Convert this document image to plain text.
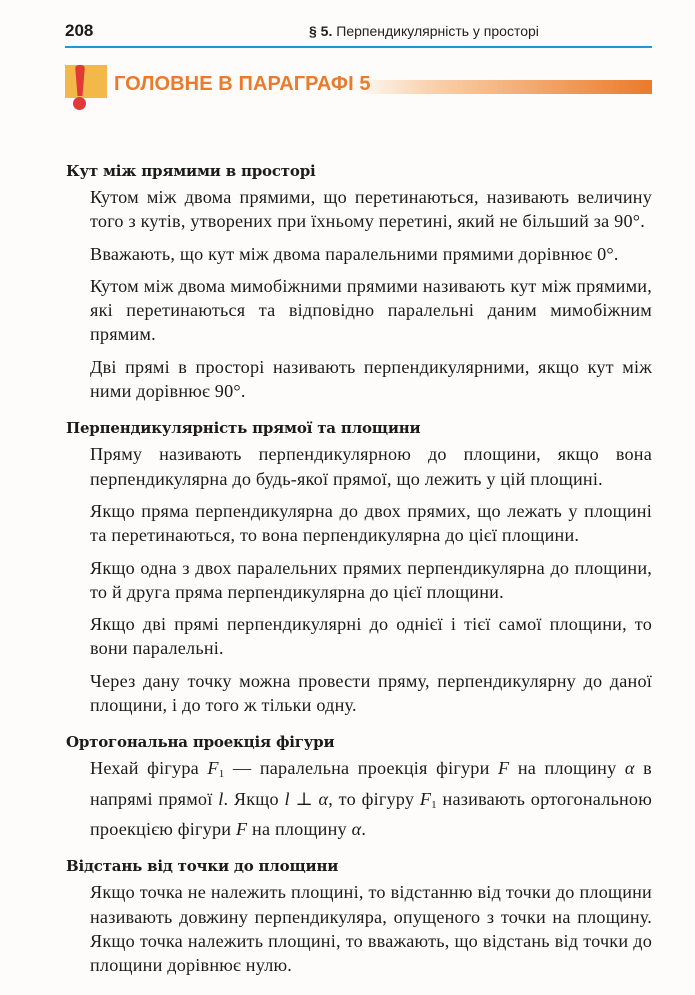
208	§ 5. Перпендикулярність у просторі
ГОЛОВНЕ В ПАРАГРАФІ 5
Кут між прямими в просторі

Кутом між двома прямими, що перетинаються, називають величину того з кутів, утворених при їхньому перетині, який не більший за 90°.

Вважають, що кут між двома паралельними прямими дорівнює 0°.

Кутом між двома мимобіжними прямими називають кут між прямими, які перетинаються та відповідно паралельні даним мимобіжним прямим.

Дві прямі в просторі називають перпендикулярними, якщо кут між ними дорівнює 90°.

Перпендикулярність прямої та площини

Пряму називають перпендикулярною до площини, якщо вона перпендикулярна до будь-якої прямої, що лежить у цій площині.

Якщо пряма перпендикулярна до двох прямих, що лежать у площині та перетинаються, то вона перпендикулярна до цієї площини.

Якщо одна з двох паралельних прямих перпендикулярна до площини, то й друга пряма перпендикулярна до цієї площини.

Якщо дві прямі перпендикулярні до однієї і тієї самої площини, то вони паралельні.

Через дану точку можна провести пряму, перпендикулярну до даної площини, і до того ж тільки одну.

Ортогональна проекція фігури

Нехай фігура $F_1$ — паралельна проекція фігури F на площину α в напрямі прямої l. Якщо l ⊥ α, то фігуру $F_1$ називають ортогональною проекцією фігури F на площину α.

Відстань від точки до площини

Якщо точка не належить площині, то відстанню від точки до площини називають довжину перпендикуляра, опущеного з точки на площину. Якщо точка належить площині, то вважають, що відстань від точки до площини дорівнює нулю.
